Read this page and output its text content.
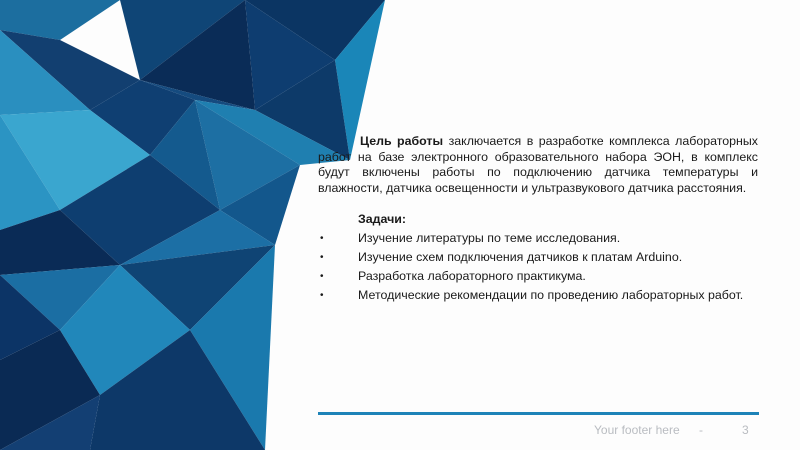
Цель работы заключается в разработке комплекса лабораторных работ на базе электронного образовательного набора ЭОН, в комплекс будут включены работы по подключению датчика температуры и влажности, датчика освещенности и ультразвукового датчика расстояния.

Задачи:
•	Изучение литературы по теме исследования.
•	Изучение схем подключения датчиков к платам Arduino.
•	Разработка лабораторного практикума.
•	Методические рекомендации по проведению лабораторных работ.
Your footer here -	3
